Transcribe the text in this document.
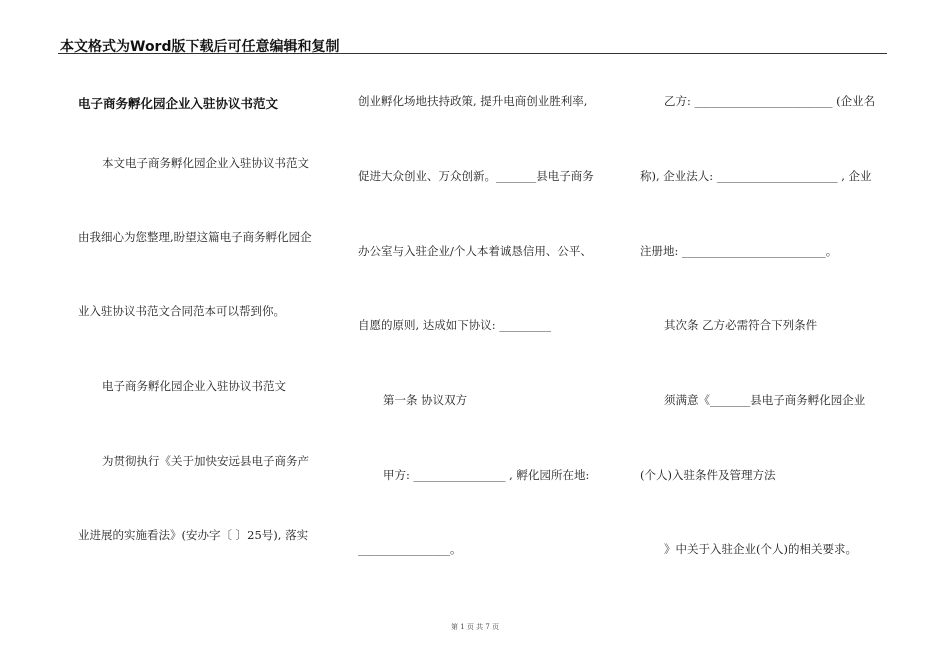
本文格式为Word版下载后可任意编辑和复制
电子商务孵化园企业入驻协议书范文
本文电子商务孵化园企业入驻协议书范文
由我细心为您整理,盼望这篇电子商务孵化园企
业入驻协议书范文合同范本可以帮到你。
电子商务孵化园企业入驻协议书范文
为贯彻执行《关于加快安远县电子商务产
业进展的实施看法》(安办字〔 〕25号), 落实
创业孵化场地扶持政策, 提升电商创业胜利率,
促进大众创业、万众创新。_______县电子商务
办公室与入驻企业/个人本着诚恳信用、公平、
自愿的原则, 达成如下协议: _________
第一条 协议双方
甲方: ________________ , 孵化园所在地:
________________。
乙方: ________________________ (企业名
称), 企业法人: _____________________ , 企业
注册地: _________________________。
其次条 乙方必需符合下列条件
须满意《_______县电子商务孵化园企业
(个人)入驻条件及管理方法
》中关于入驻企业(个人)的相关要求。
第 1 页 共 7 页
